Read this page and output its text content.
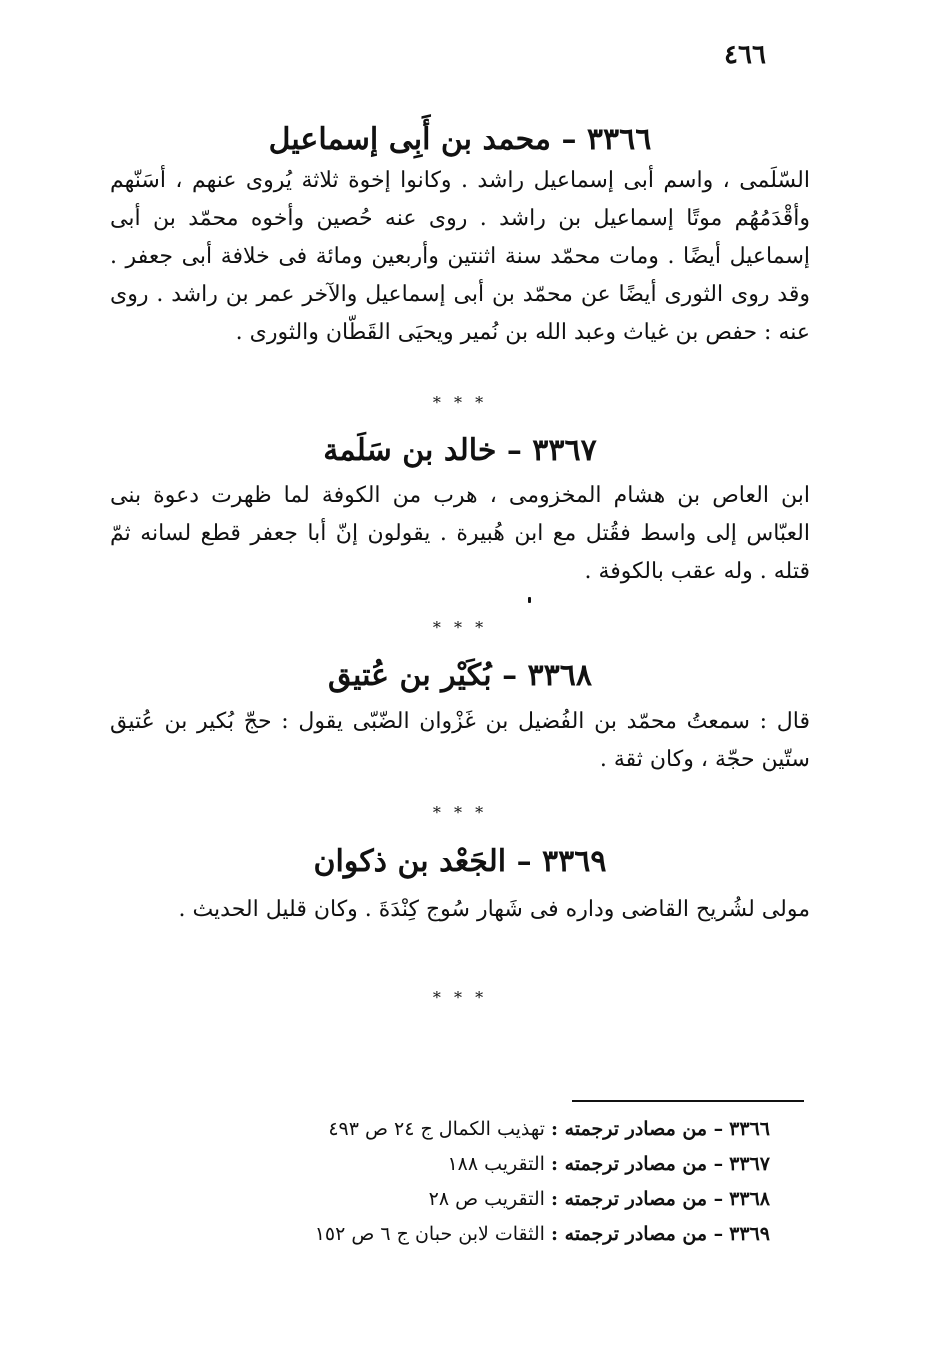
٤٦٦
٣٣٦٦ – محمد بن أَبِى إسماعيل
السّلَمى ، واسم أبى إسماعيل راشد . وكانوا إخوة ثلاثة يُروى عنهم ، أسَنّهم وأقْدَمُهُم موتًا إسماعيل بن راشد . روى عنه حُصين وأخوه محمّد بن أبى إسماعيل أيضًا . ومات محمّد سنة اثنتين وأربعين ومائة فى خلافة أبى جعفر . وقد روى الثورى أيضًا عن محمّد بن أبى إسماعيل والآخر عمر بن راشد . روى عنه : حفص بن غياث وعبد الله بن نُمير ويحيَى القَطّان والثورى .
* * *
٣٣٦٧ – خالد بن سَلَمة
ابن العاص بن هشام المخزومى ، هرب من الكوفة لما ظهرت دعوة بنى العبّاس إلى واسط فقُتل مع ابن هُبيرة . يقولون إنّ أبا جعفر قطع لسانه ثمّ قتله . وله عقب بالكوفة .
* * *
٣٣٦٨ – بُكَيْر بن عُتيق
قال : سمعتُ محمّد بن الفُضيل بن غَزْوان الضّبّى يقول : حجّ بُكير بن عُتيق ستّين حجّة ، وكان ثقة .
* * *
٣٣٦٩ – الجَعْد بن ذكوان
مولى لشُريح القاضى وداره فى شَهار سُوج كِنْدَةَ . وكان قليل الحديث .
* * *
٣٣٦٦ – من مصادر ترجمته : تهذيب الكمال ج ٢٤ ص ٤٩٣
٣٣٦٧ – من مصادر ترجمته : التقريب ١٨٨
٣٣٦٨ – من مصادر ترجمته : التقريب ص ٢٨
٣٣٦٩ – من مصادر ترجمته : الثقات لابن حبان ج ٦ ص ١٥٢
